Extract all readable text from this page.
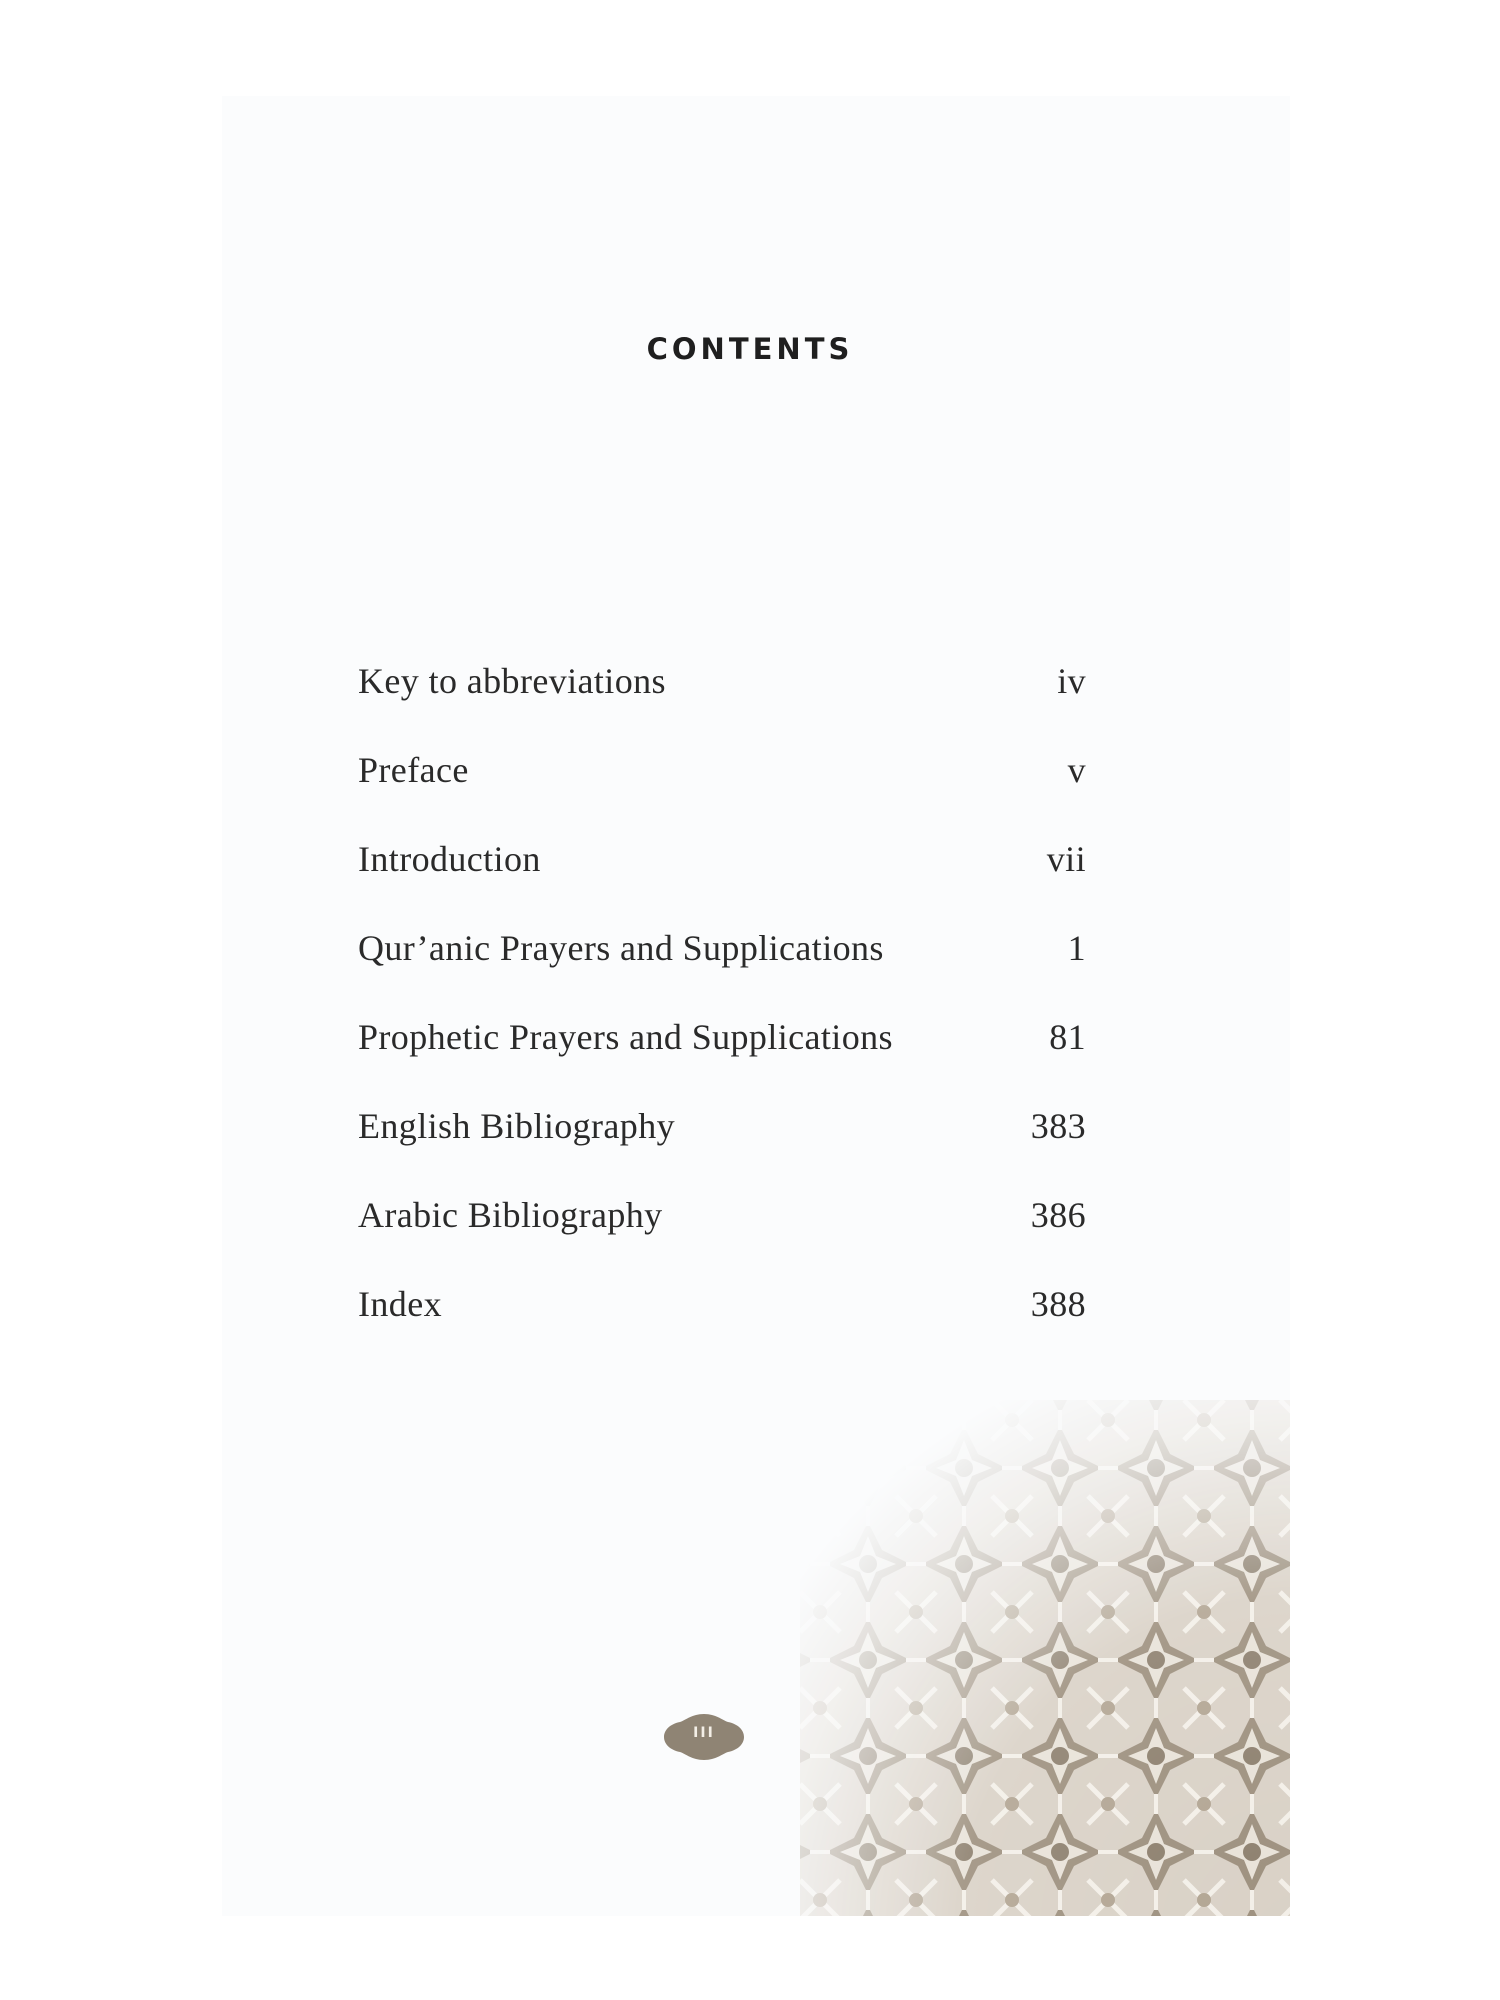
CONTENTS
Key to abbreviations	iv
Preface	v
Introduction	vii
Qur’anic Prayers and Supplications	1
Prophetic Prayers and Supplications	81
English Bibliography	383
Arabic Bibliography	386
Index	388
III
